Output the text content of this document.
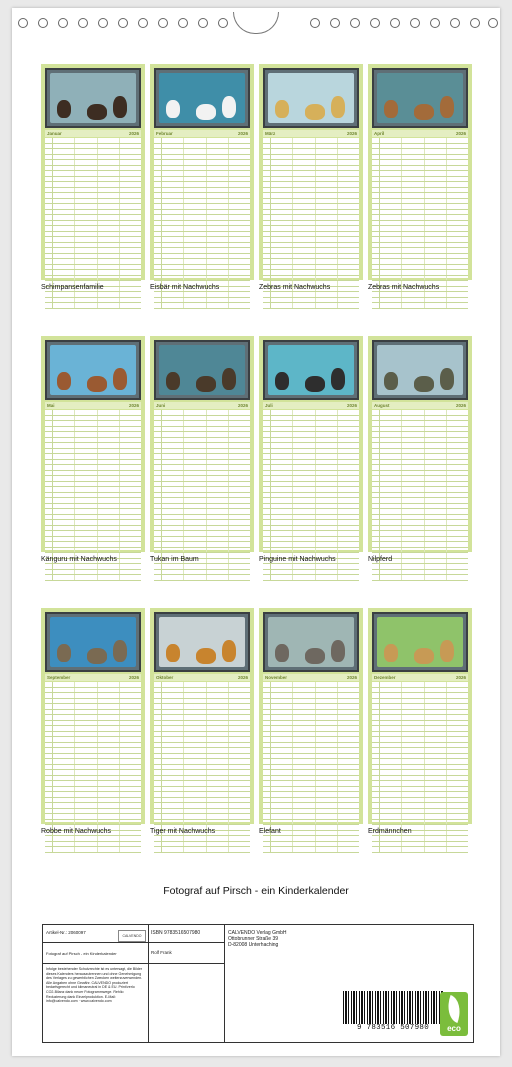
Januar	2026
Schimpansenfamilie
Februar	2026
Eisbär mit Nachwuchs
März	2026
Zebras mit Nachwuchs
April	2026
Zebras mit Nachwuchs
Mai	2026
Känguru mit Nachwuchs
Juni	2026
Tukan im Baum
Juli	2026
Pinguine mit Nachwuchs
August	2026
Nilpferd
September	2026
Robbe mit Nachwuchs
Oktober	2026
Tiger mit Nachwuchs
November	2026
Elefant
Dezember	2026
Erdmännchen
Fotograf auf Pirsch - ein Kinderkalender
Artikel-Nr.: 2060097
CALVENDO
Fotograf auf Pirsch - ein Kinderkalender
Infolge bestehender Schutzrechte ist es untersagt, die Bilder dieses Kalenders herauszutrennen und ohne Genehmigung des Verlages zu gewerblichen Zwecken weiterzuverwenden. Alle Angaben ohne Gewähr. CALVENDO produziert bedarfsgerecht und klimaneutral in DE & EU. Print/verlo CO2-Bilanz dank neuer Fotogrammwege. Rehlio Reduzierung dank Einzelproduktion. E-Mail: info@calvendo.com · www.calvendo.com
ISBN 9783516507980
Rolf Frank
CALVENDO Verlag GmbH
Ottobrunner Straße 39
D-82008 Unterhaching
9 783516 507980	eco
